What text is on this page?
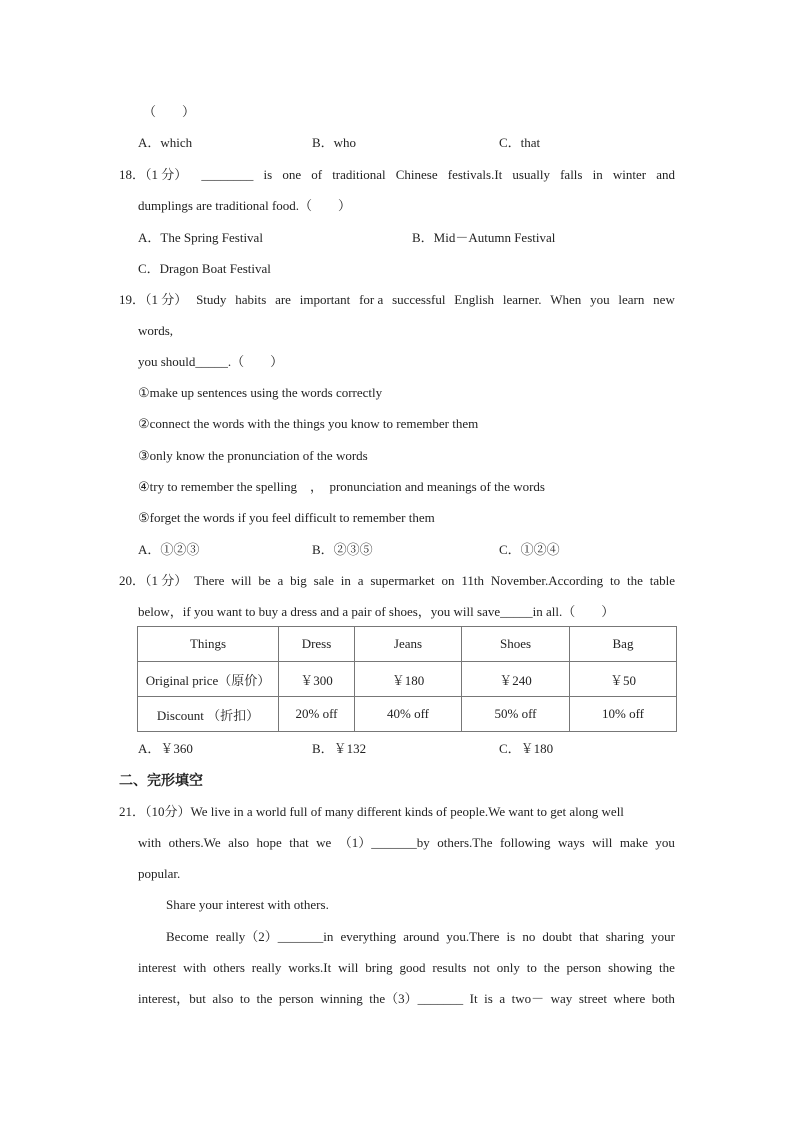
（　　）
A．which	B．who	C．that
18．（1 分） ________ is one of traditional Chinese festivals.It usually falls in winter and
dumplings are traditional food.（　　）
A．The Spring Festival	B．Mid－Autumn Festival
C．Dragon Boat Festival
19．（1 分） Study habits are important for a successful English learner. When you learn new
words,
you should_____.（　　）
①make up sentences using the words correctly
②connect the words with the things you know to remember them
③only know the pronunciation of the words
④try to remember the spelling　，　pronunciation and meanings of the words
⑤forget the words if you feel difficult to remember them
A．①②③	B．②③⑤	C．①②④
20．（1 分） There will be a big sale in a supermarket on 11th November.According to the table
below，if you want to buy a dress and a pair of shoes，you will save_____in all.（　　）
Things	Dress	Jeans	Shoes	Bag
Original price（原价）	￥300	￥180	￥240	￥50
Discount （折扣）	20% off	40% off	50% off	10% off
A．￥360	B．￥132	C．￥180
二、完形填空
21．（10分）We live in a world full of many different kinds of people.We want to get along well
with others.We also hope that we （1）_______by others.The following ways will make you
popular.
Share your interest with others.
Become really（2）_______in everything around you.There is no doubt that sharing your
interest with others really works.It will bring good results not only to the person showing the
interest，but also to the person winning the（3）_______ It is a two－ way street where both
